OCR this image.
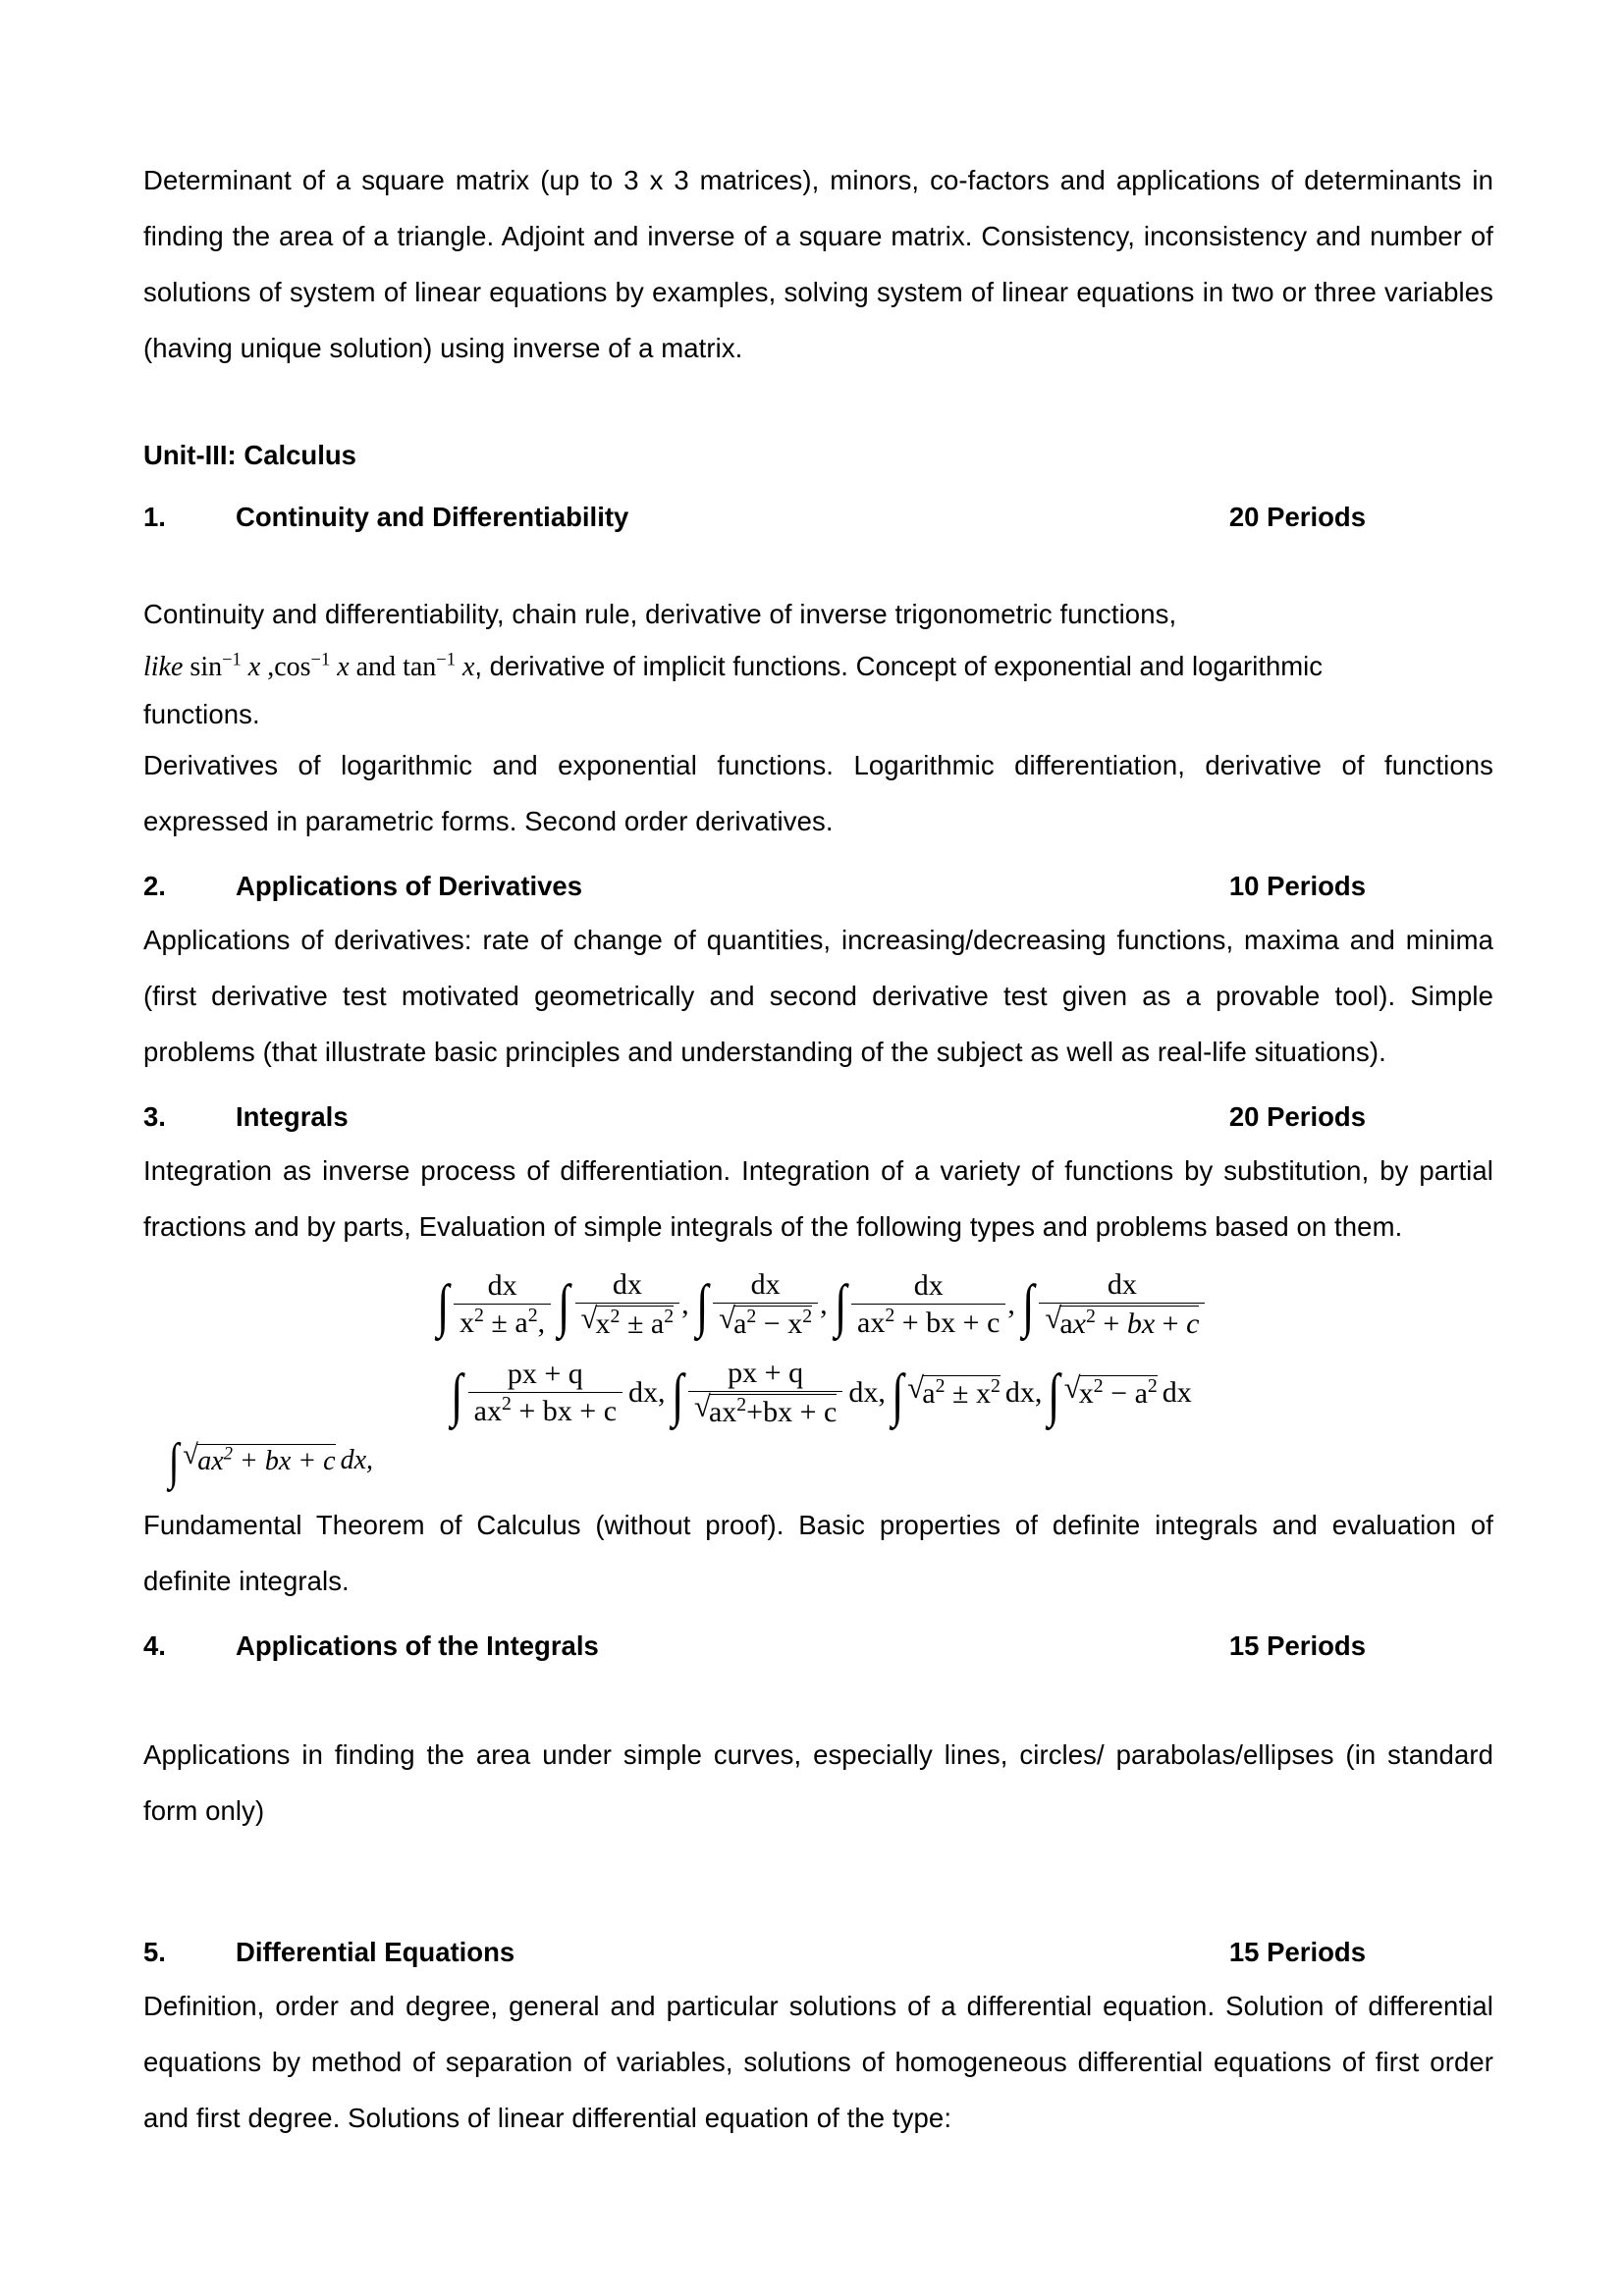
Determinant of a square matrix (up to 3 x 3 matrices), minors, co-factors and applications of determinants in finding the area of a triangle. Adjoint and inverse of a square matrix. Consistency, inconsistency and number of solutions of system of linear equations by examples, solving system of linear equations in two or three variables (having unique solution) using inverse of a matrix.

Unit-III: Calculus
1.	Continuity and Differentiability	20 Periods

Continuity and differentiability, chain rule, derivative of inverse trigonometric functions,

like $\sin^{-1} x$ $,\cos^{-1}$ x and $\tan^{-1} x$, derivative of implicit functions. Concept of exponential and logarithmic

functions.

Derivatives of logarithmic and exponential functions. Logarithmic differentiation, derivative of functions expressed in parametric forms. Second order derivatives.

2.	Applications of Derivatives	10 Periods

Applications of derivatives: rate of change of quantities, increasing/decreasing functions, maxima and minima (first derivative test motivated geometrically and second derivative test given as a provable tool). Simple problems (that illustrate basic principles and understanding of the subject as well as real-life situations).

3.	Integrals	20 Periods

Integration as inverse process of differentiation. Integration of a variety of functions by substitution, by partial fractions and by parts, Evaluation of simple integrals of the following types and problems based on them.

∫ $\frac{dx}{x^2 \pm a^2,}$ ∫ dx
√
$x^2 \pm a^2$ , ∫ dx
√
$a^2 - x^2$ , ∫ $\frac{dx}{ax^2 + bx + c}$ , ∫ dx
√
$ax^2$ + bx + c
∫ $\frac{px + q}{ax^2 + bx + c}$ dx, ∫ px + q
√
$ax^2+bx + c$ dx, ∫ √
$a^2 \pm x^2$ dx, ∫ √
$x^2 - a^2$ dx
∫ √ $ax^2$ + bx + c dx,

Fundamental Theorem of Calculus (without proof). Basic properties of definite integrals and evaluation of definite integrals.

4.	Applications of the Integrals	15 Periods

Applications in finding the area under simple curves, especially lines, circles/ parabolas/ellipses (in standard form only)

5.	Differential Equations	15 Periods

Definition, order and degree, general and particular solutions of a differential equation. Solution of differential equations by method of separation of variables, solutions of homogeneous differential equations of first order and first degree. Solutions of linear differential equation of the type:
